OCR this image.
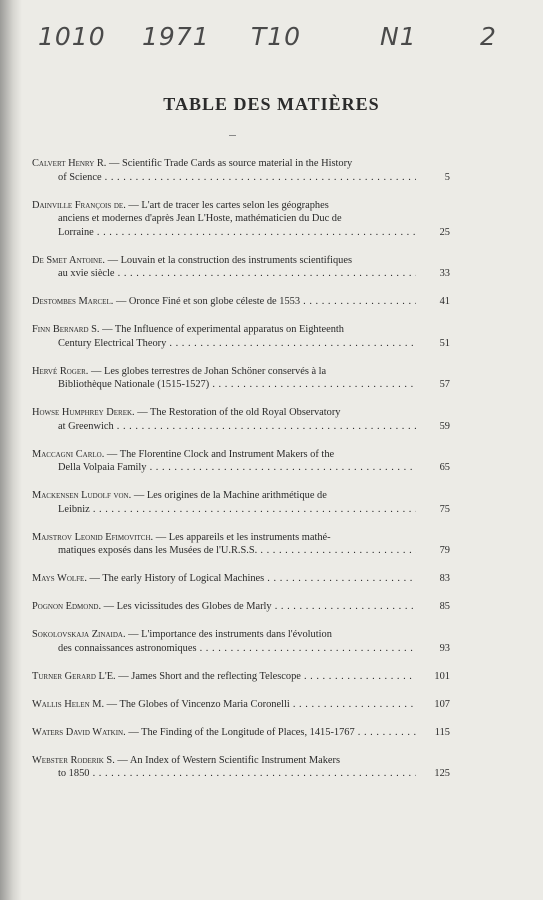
1010 1971 T10	N1	2
TABLE DES MATIÈRES
Calvert Henry R. — Scientific Trade Cards as source material in the History
of Science . . .	5
Dainville François de. — L'art de tracer les cartes selon les géographes
anciens et modernes d'après Jean L'Hoste, mathématicien du Duc de
Lorraine . . .	25
De Smet Antoine. — Louvain et la construction des instruments scientifiques
au xvie siècle . . .	33
Destombes Marcel. — Oronce Finé et son globe céleste de 1553 . . .	41
Finn Bernard S. — The Influence of experimental apparatus on Eighteenth
Century Electrical Theory . . .	51
Hervé Roger. — Les globes terrestres de Johan Schöner conservés à la
Bibliothèque Nationale (1515-1527) . . .	57
Howse Humphrey Derek. — The Restoration of the old Royal Observatory
at Greenwich . . .	59
Maccagni Carlo. — The Florentine Clock and Instrument Makers of the
Della Volpaia Family . . .	65
Mackensen Ludolf von. — Les origines de la Machine arithmétique de
Leibniz . . .	75
Majstrov Leonid Efimovitch. — Les appareils et les instruments mathé-
matiques exposés dans les Musées de l'U.R.S.S. . . .	79
Mays Wolfe. — The early History of Logical Machines . . .	83
Pognon Edmond. — Les vicissitudes des Globes de Marly . . .	85
Sokolovskaja Zinaida. — L'importance des instruments dans l'évolution
des connaissances astronomiques . . .	93
Turner Gerard L'E. — James Short and the reflecting Telescope . . .	101
Wallis Helen M. — The Globes of Vincenzo Maria Coronelli . . .	107
Waters David Watkin. — The Finding of the Longitude of Places, 1415-1767 . . .	115
Webster Roderik S. — An Index of Western Scientific Instrument Makers
to 1850 . . .	125
